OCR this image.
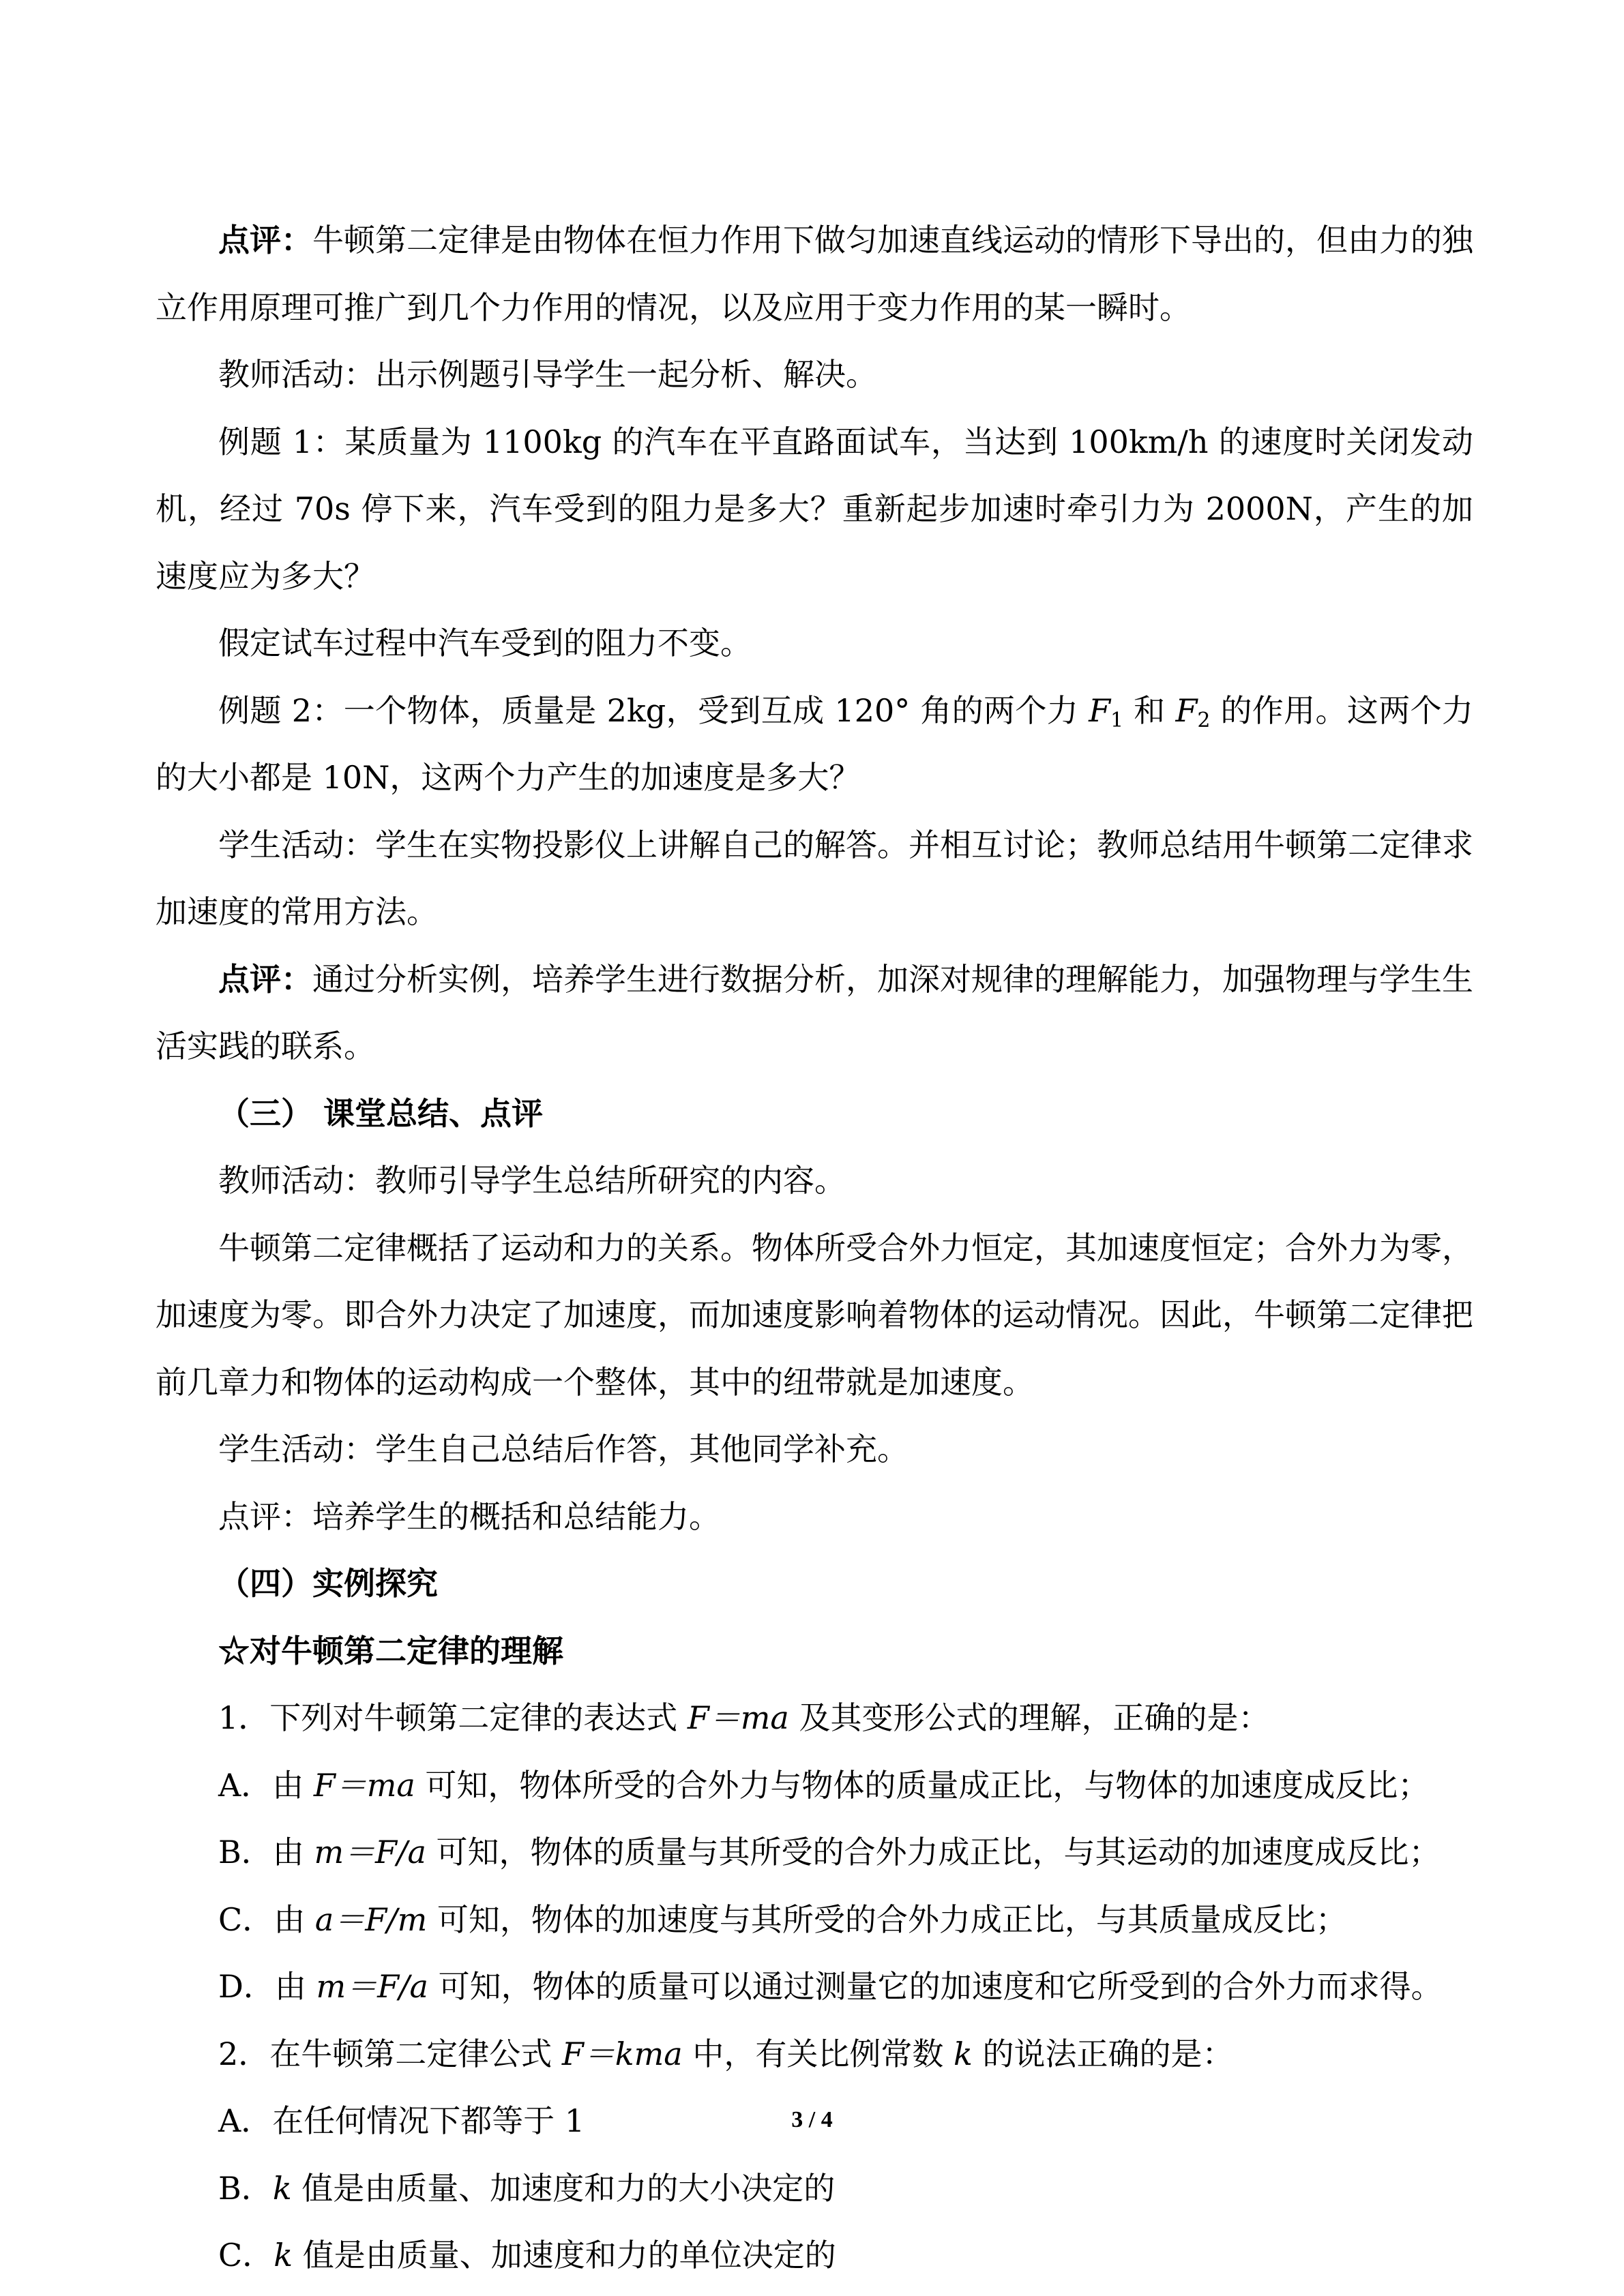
点评：牛顿第二定律是由物体在恒力作用下做匀加速直线运动的情形下导出的，但由力的独立作用原理可推广到几个力作用的情况，以及应用于变力作用的某一瞬时。

教师活动：出示例题引导学生一起分析、解决。

例题 1：某质量为 1100kg 的汽车在平直路面试车，当达到 100km/h 的速度时关闭发动机，经过 70s 停下来，汽车受到的阻力是多大？重新起步加速时牵引力为 2000N，产生的加速度应为多大？

假定试车过程中汽车受到的阻力不变。

例题 2：一个物体，质量是 2kg，受到互成 120° 角的两个力 $F_1$ 和 $F_2$ 的作用。这两个力的大小都是 10N，这两个力产生的加速度是多大？

学生活动：学生在实物投影仪上讲解自己的解答。并相互讨论；教师总结用牛顿第二定律求加速度的常用方法。

点评：通过分析实例，培养学生进行数据分析，加深对规律的理解能力，加强物理与学生生活实践的联系。

（三） 课堂总结、点评

教师活动：教师引导学生总结所研究的内容。

牛顿第二定律概括了运动和力的关系。物体所受合外力恒定，其加速度恒定；合外力为零，加速度为零。即合外力决定了加速度，而加速度影响着物体的运动情况。因此，牛顿第二定律把前几章力和物体的运动构成一个整体，其中的纽带就是加速度。

学生活动：学生自己总结后作答，其他同学补充。

点评：培养学生的概括和总结能力。

（四）实例探究

☆对牛顿第二定律的理解

1．下列对牛顿第二定律的表达式 F＝ma 及其变形公式的理解，正确的是：

A．由 F＝ma 可知，物体所受的合外力与物体的质量成正比，与物体的加速度成反比；

B．由 m＝F/a 可知，物体的质量与其所受的合外力成正比，与其运动的加速度成反比；

C．由 a＝F/m 可知，物体的加速度与其所受的合外力成正比，与其质量成反比；

D．由 m＝F/a 可知，物体的质量可以通过测量它的加速度和它所受到的合外力而求得。

2．在牛顿第二定律公式 F＝kma 中，有关比例常数 k 的说法正确的是：

A．在任何情况下都等于 1

B．k 值是由质量、加速度和力的大小决定的

C．k 值是由质量、加速度和力的单位决定的

3 / 4
